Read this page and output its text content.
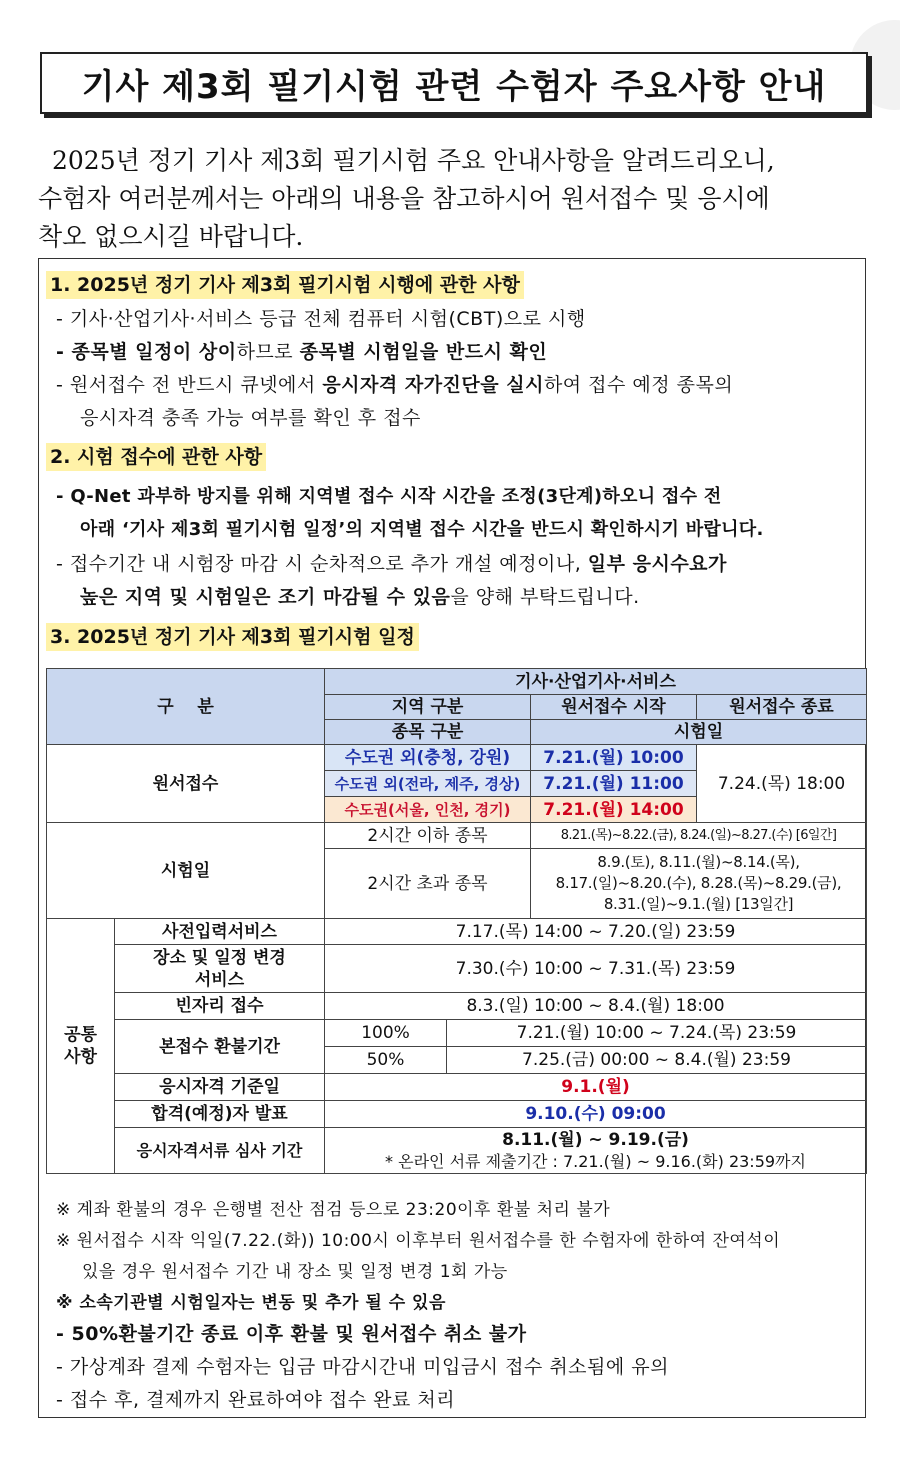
기사 제3회 필기시험 관련 수험자 주요사항 안내
2025년 정기 기사 제3회 필기시험 주요 안내사항을 알려드리오니,
수험자 여러분께서는 아래의 내용을 참고하시어 원서접수 및 응시에
착오 없으시길 바랍니다.
1. 2025년 정기 기사 제3회 필기시험 시행에 관한 사항
- 기사·산업기사·서비스 등급 전체 컴퓨터 시험(CBT)으로 시행
- 종목별 일정이 상이하므로 종목별 시험일을 반드시 확인
- 원서접수 전 반드시 큐넷에서 응시자격 자가진단을 실시하여 접수 예정 종목의
응시자격 충족 가능 여부를 확인 후 접수
2. 시험 접수에 관한 사항
- Q-Net 과부하 방지를 위해 지역별 접수 시작 시간을 조정(3단계)하오니 접수 전
아래 ‘기사 제3회 필기시험 일정’의 지역별 접수 시간을 반드시 확인하시기 바랍니다.
- 접수기간 내 시험장 마감 시 순차적으로 추가 개설 예정이나, 일부 응시수요가
높은 지역 및 시험일은 조기 마감될 수 있음을 양해 부탁드립니다.
3. 2025년 정기 기사 제3회 필기시험 일정
구    분		기사·산업기사·서비스			
		지역 구분		원서접수 시작	원서접수 종료
		종목 구분		시험일	
원서접수		수도권 외(충청, 강원)		7.21.(월) 10:00	7.24.(목) 18:00
		수도권 외(전라, 제주, 경상)		7.21.(월) 11:00	
		수도권(서울, 인천, 경기)		7.21.(월) 14:00	
시험일		2시간 이하 종목		8.21.(목)~8.22.(금), 8.24.(일)~8.27.(수) [6일간]	
		2시간 초과 종목		8.9.(토), 8.11.(월)~8.14.(목),
8.17.(일)~8.20.(수), 8.28.(목)~8.29.(금),
8.31.(일)~9.1.(월) [13일간]	

공통
사항	사전입력서비스	7.17.(목) 14:00 ~ 7.20.(일) 23:59			

	장소 및 일정 변경
서비스	7.30.(수) 10:00 ~ 7.31.(목) 23:59			
	빈자리 접수	8.3.(일) 10:00 ~ 8.4.(월) 18:00			
	본접수 환불기간	100%	7.21.(월) 10:00 ~ 7.24.(목) 23:59		
		50%	7.25.(금) 00:00 ~ 8.4.(월) 23:59		
	응시자격 기준일	9.1.(월)			
	합격(예정)자 발표	9.10.(수) 09:00			
	응시자격서류 심사 기간	8.11.(월) ~ 9.19.(금)
* 온라인 서류 제출기간 : 7.21.(월) ~ 9.16.(화) 23:59까지			
※ 계좌 환불의 경우 은행별 전산 점검 등으로 23:20이후 환불 처리 불가
※ 원서접수 시작 익일(7.22.(화)) 10:00시 이후부터 원서접수를 한 수험자에 한하여 잔여석이
있을 경우 원서접수 기간 내 장소 및 일정 변경 1회 가능
※ 소속기관별 시험일자는 변동 및 추가 될 수 있음
- 50%환불기간 종료 이후 환불 및 원서접수 취소 불가
- 가상계좌 결제 수험자는 입금 마감시간내 미입금시 접수 취소됨에 유의
- 접수 후, 결제까지 완료하여야 접수 완료 처리
